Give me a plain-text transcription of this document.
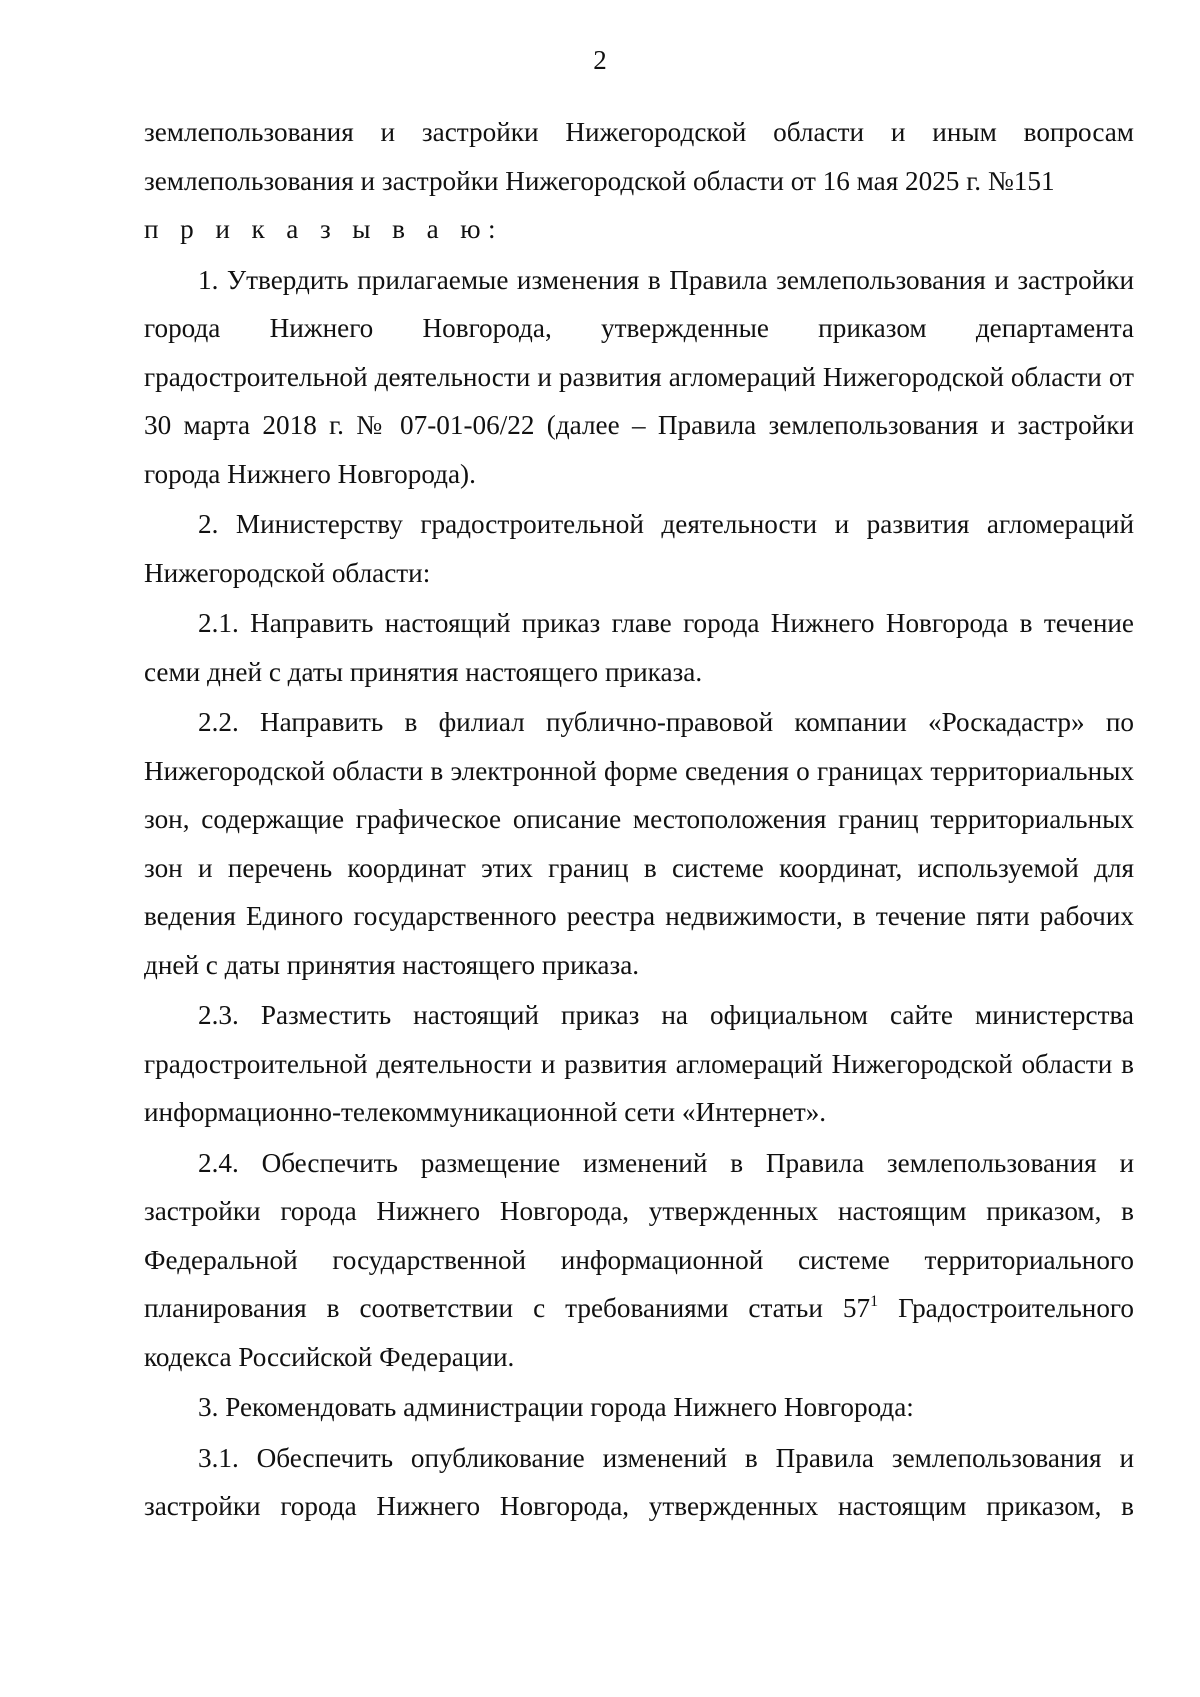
2

землепользования и застройки Нижегородской области и иным вопросам землепользования и застройки Нижегородской области от 16 мая 2025 г. №151

п р и к а з ы в а ю:

1. Утвердить прилагаемые изменения в Правила землепользования и застройки города Нижнего Новгорода, утвержденные приказом департамента градостроительной деятельности и развития агломераций Нижегородской области от 30 марта 2018 г. № 07-01-06/22 (далее – Правила землепользования и застройки города Нижнего Новгорода).

2. Министерству градостроительной деятельности и развития агломераций Нижегородской области:

2.1. Направить настоящий приказ главе города Нижнего Новгорода в течение семи дней с даты принятия настоящего приказа.

2.2. Направить в филиал публично-правовой компании «Роскадастр» по Нижегородской области в электронной форме сведения о границах территориальных зон, содержащие графическое описание местоположения границ территориальных зон и перечень координат этих границ в системе координат, используемой для ведения Единого государственного реестра недвижимости, в течение пяти рабочих дней с даты принятия настоящего приказа.

2.3. Разместить настоящий приказ на официальном сайте министерства градостроительной деятельности и развития агломераций Нижегородской области в информационно-телекоммуникационной сети «Интернет».

2.4. Обеспечить размещение изменений в Правила землепользования и застройки города Нижнего Новгорода, утвержденных настоящим приказом, в Федеральной государственной информационной системе территориального планирования в соответствии с требованиями статьи $57^1$ Градостроительного кодекса Российской Федерации.

3. Рекомендовать администрации города Нижнего Новгорода:

3.1. Обеспечить опубликование изменений в Правила землепользования и застройки города Нижнего Новгорода, утвержденных настоящим приказом, в
